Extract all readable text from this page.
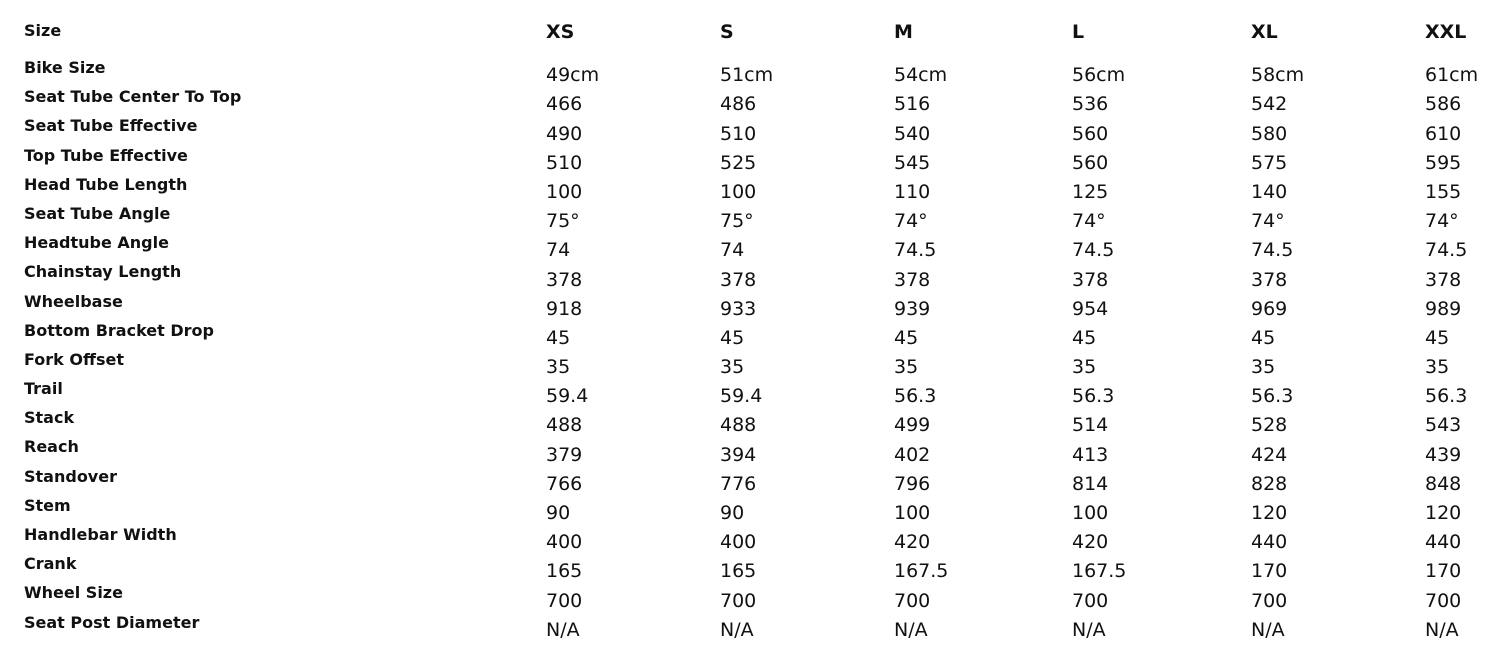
Size	XS	S	M	L	XL	XXL
Bike Size	49cm	51cm	54cm	56cm	58cm	61cm
Seat Tube Center To Top	466	486	516	536	542	586
Seat Tube Effective	490	510	540	560	580	610
Top Tube Effective	510	525	545	560	575	595
Head Tube Length	100	100	110	125	140	155
Seat Tube Angle	75°	75°	74°	74°	74°	74°
Headtube Angle	74	74	74.5	74.5	74.5	74.5
Chainstay Length	378	378	378	378	378	378
Wheelbase	918	933	939	954	969	989
Bottom Bracket Drop	45	45	45	45	45	45
Fork Offset	35	35	35	35	35	35
Trail	59.4	59.4	56.3	56.3	56.3	56.3
Stack	488	488	499	514	528	543
Reach	379	394	402	413	424	439
Standover	766	776	796	814	828	848
Stem	90	90	100	100	120	120
Handlebar Width	400	400	420	420	440	440
Crank	165	165	167.5	167.5	170	170
Wheel Size	700	700	700	700	700	700
Seat Post Diameter	N/A	N/A	N/A	N/A	N/A	N/A
